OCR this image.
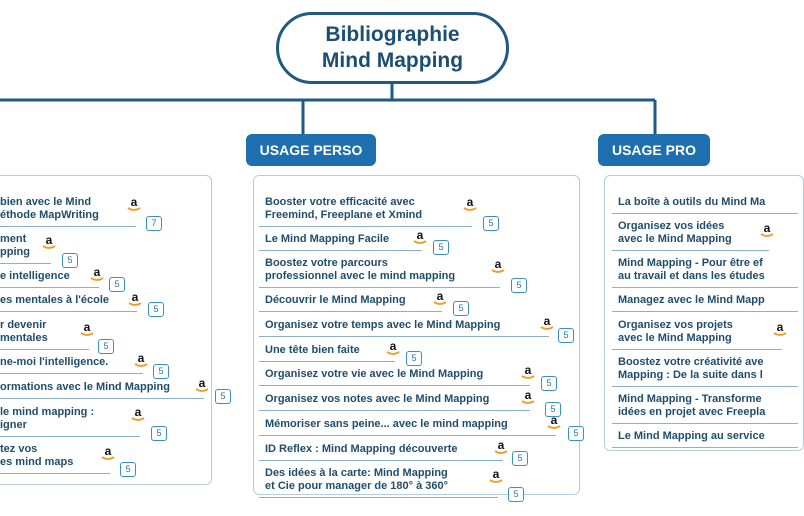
Bibliographie
Mind Mapping
USAGE PERSO	USAGE PRO
bien avec le Mind
éthode MapWriting
a
7
ment
pping
a
5
e intelligence a
5
es mentales à l'école a
5
r devenir
mentales
a
5
ne-moi l'intelligence. a
5
ormations avec le Mind Mapping a
5
le mind mapping :
igner
a
5
tez vos
es mind maps
a
5
Booster votre efficacité avec
Freemind, Freeplane et Xmind
a
5
Le Mind Mapping Facile a
5
Boostez votre parcours
professionnel avec le mind mapping
a
5
Découvrir le Mind Mapping	a
5
Organisez votre temps avec le Mind Mapping	a
5
Une tête bien faite a
5
Organisez votre vie avec le Mind Mapping	a
5
Organisez vos notes avec le Mind Mapping	a
5
Mémoriser sans peine... avec le mind mapping	a
5
ID Reflex : Mind Mapping découverte	a
5
Des idées à la carte: Mind Mapping
et Cie pour manager de 180° à 360°
a
5
La boîte à outils du Mind Ma
Organisez vos idées
avec le Mind Mapping
a
Mind Mapping - Pour être ef
au travail et dans les études
Managez avec le Mind Mapp
Organisez vos projets
avec le Mind Mapping
a
Boostez votre créativité ave
Mapping : De la suite dans l
Mind Mapping - Transforme
idées en projet avec Freepla
Le Mind Mapping au service
